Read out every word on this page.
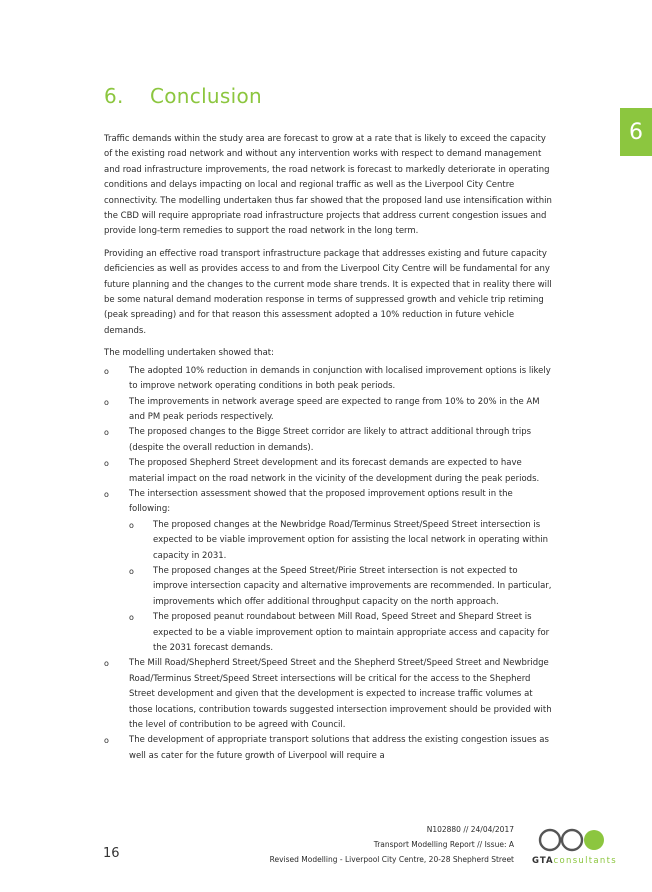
6. Conclusion
6

Traffic demands within the study area are forecast to grow at a rate that is likely to exceed the capacity of the existing road network and without any intervention works with respect to demand management and road infrastructure improvements, the road network is forecast to markedly deteriorate in operating conditions and delays impacting on local and regional traffic as well as the Liverpool City Centre connectivity. The modelling undertaken thus far showed that the proposed land use intensification within the CBD will require appropriate road infrastructure projects that address current congestion issues and provide long-term remedies to support the road network in the long term.

Providing an effective road transport infrastructure package that addresses existing and future capacity deficiencies as well as provides access to and from the Liverpool City Centre will be fundamental for any future planning and the changes to the current mode share trends. It is expected that in reality there will be some natural demand moderation response in terms of suppressed growth and vehicle trip retiming (peak spreading) and for that reason this assessment adopted a 10% reduction in future vehicle demands.

The modelling undertaken showed that:

o The adopted 10% reduction in demands in conjunction with localised improvement options is likely to improve network operating conditions in both peak periods.
o The improvements in network average speed are expected to range from 10% to 20% in the AM and PM peak periods respectively.
o The proposed changes to the Bigge Street corridor are likely to attract additional through trips (despite the overall reduction in demands).
o The proposed Shepherd Street development and its forecast demands are expected to have material impact on the road network in the vicinity of the development during the peak periods.
o The intersection assessment showed that the proposed improvement options result in the following:
o The proposed changes at the Newbridge Road/Terminus Street/Speed Street intersection is expected to be viable improvement option for assisting the local network in operating within capacity in 2031.
o The proposed changes at the Speed Street/Pirie Street intersection is not expected to improve intersection capacity and alternative improvements are recommended. In particular, improvements which offer additional throughput capacity on the north approach.
o The proposed peanut roundabout between Mill Road, Speed Street and Shepard Street is expected to be a viable improvement option to maintain appropriate access and capacity for the 2031 forecast demands.
o The Mill Road/Shepherd Street/Speed Street and the Shepherd Street/Speed Street and Newbridge Road/Terminus Street/Speed Street intersections will be critical for the access to the Shepherd Street development and given that the development is expected to increase traffic volumes at those locations, contribution towards suggested intersection improvement should be provided with the level of contribution to be agreed with Council.
o The development of appropriate transport solutions that address the existing congestion issues as well as cater for the future growth of Liverpool will require a
N102880 // 24/04/2017
Transport Modelling Report // Issue: A
Revised Modelling - Liverpool City Centre, 20-28 Shepherd Street
16	GTAconsultants
